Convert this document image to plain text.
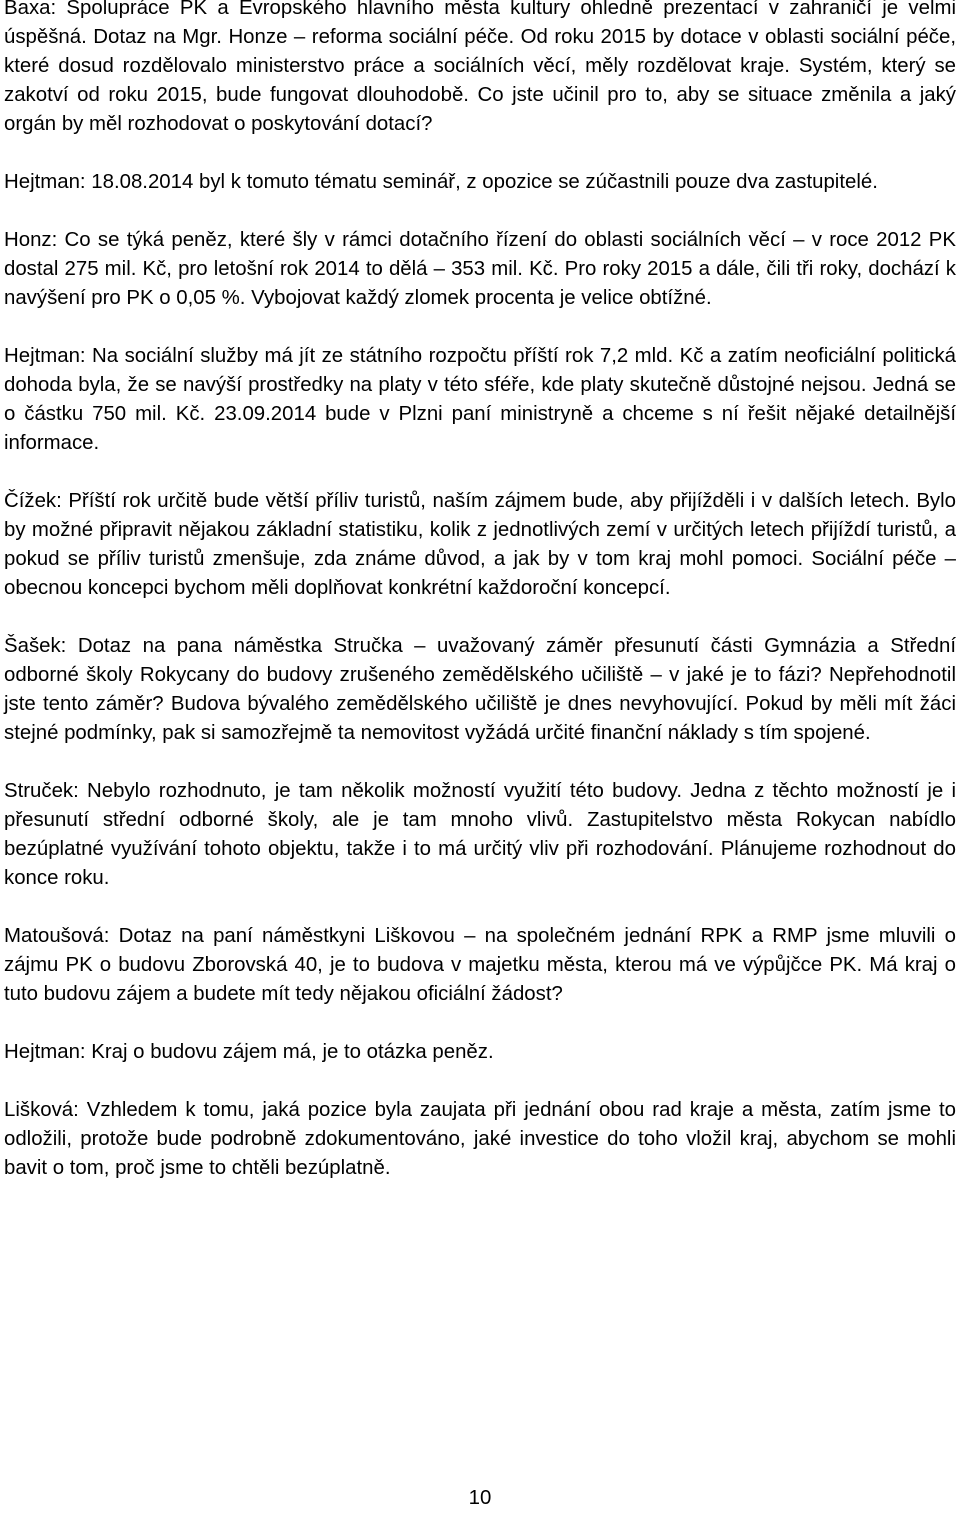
Baxa: Spolupráce PK a Evropského hlavního města kultury ohledně prezentací v zahraničí je velmi úspěšná. Dotaz na Mgr. Honze – reforma sociální péče. Od roku 2015 by dotace v oblasti sociální péče, které dosud rozdělovalo ministerstvo práce a sociálních věcí, měly rozdělovat kraje. Systém, který se zakotví od roku 2015, bude fungovat dlouhodobě. Co jste učinil pro to, aby se situace změnila a jaký orgán by měl rozhodovat o poskytování dotací?

Hejtman: 18.08.2014 byl k tomuto tématu seminář, z opozice se zúčastnili pouze dva zastupitelé.

Honz: Co se týká peněz, které šly v rámci dotačního řízení do oblasti sociálních věcí – v roce 2012 PK dostal 275 mil. Kč, pro letošní rok 2014 to dělá – 353 mil. Kč. Pro roky 2015 a dále, čili tři roky, dochází k navýšení pro PK o 0,05 %. Vybojovat každý zlomek procenta je velice obtížné.

Hejtman: Na sociální služby má jít ze státního rozpočtu příští rok 7,2 mld. Kč a zatím neoficiální politická dohoda byla, že se navýší prostředky na platy v této sféře, kde platy skutečně důstojné nejsou. Jedná se o částku 750 mil. Kč. 23.09.2014 bude v Plzni paní ministryně a chceme s ní řešit nějaké detailnější informace.

Čížek: Příští rok určitě bude větší příliv turistů, naším zájmem bude, aby přijížděli i v dalších letech. Bylo by možné připravit nějakou základní statistiku, kolik z jednotlivých zemí v určitých letech přijíždí turistů, a pokud se příliv turistů zmenšuje, zda známe důvod, a jak by v tom kraj mohl pomoci. Sociální péče – obecnou koncepci bychom měli doplňovat konkrétní každoroční koncepcí.

Šašek: Dotaz na pana náměstka Stručka – uvažovaný záměr přesunutí části Gymnázia a Střední odborné školy Rokycany do budovy zrušeného zemědělského učiliště – v jaké je to fázi? Nepřehodnotil jste tento záměr? Budova bývalého zemědělského učiliště je dnes nevyhovující. Pokud by měli mít žáci stejné podmínky, pak si samozřejmě ta nemovitost vyžádá určité finanční náklady s tím spojené.

Struček: Nebylo rozhodnuto, je tam několik možností využití této budovy. Jedna z těchto možností je i přesunutí střední odborné školy, ale je tam mnoho vlivů. Zastupitelstvo města Rokycan nabídlo bezúplatné využívání tohoto objektu, takže i to má určitý vliv při rozhodování. Plánujeme rozhodnout do konce roku.

Matoušová: Dotaz na paní náměstkyni Liškovou – na společném jednání RPK a RMP jsme mluvili o zájmu PK o budovu Zborovská 40, je to budova v majetku města, kterou má ve výpůjčce PK. Má kraj o tuto budovu zájem a budete mít tedy nějakou oficiální žádost?

Hejtman: Kraj o budovu zájem má, je to otázka peněz.

Lišková: Vzhledem k tomu, jaká pozice byla zaujata při jednání obou rad kraje a města, zatím jsme to odložili, protože bude podrobně zdokumentováno, jaké investice do toho vložil kraj, abychom se mohli bavit o tom, proč jsme to chtěli bezúplatně.

10
